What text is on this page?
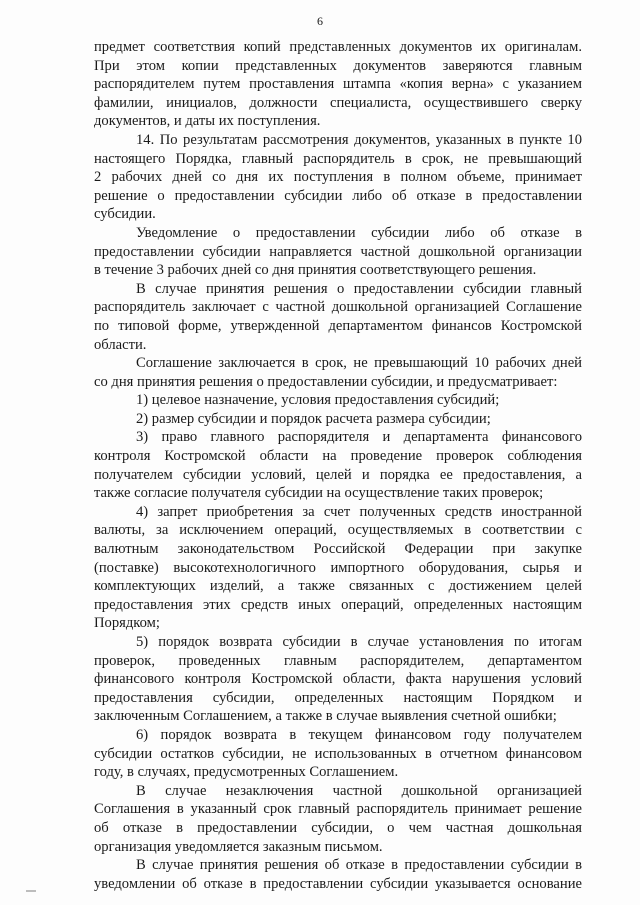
6
предмет соответствия копий представленных документов их оригиналам.
При этом копии представленных документов заверяются главным
распорядителем путем проставления штампа «копия верна» с указанием
фамилии, инициалов, должности специалиста, осуществившего сверку
документов, и даты их поступления.
14. По результатам рассмотрения документов, указанных в пункте 10
настоящего Порядка, главный распорядитель в срок, не превышающий
2 рабочих дней со дня их поступления в полном объеме, принимает
решение о предоставлении субсидии либо об отказе в предоставлении
субсидии.
Уведомление о предоставлении субсидии либо об отказе в
предоставлении субсидии направляется частной дошкольной организации
в течение 3 рабочих дней со дня принятия соответствующего решения.
В случае принятия решения о предоставлении субсидии главный
распорядитель заключает с частной дошкольной организацией Соглашение
по типовой форме, утвержденной департаментом финансов Костромской
области.
Соглашение заключается в срок, не превышающий 10 рабочих дней
со дня принятия решения о предоставлении субсидии, и предусматривает:
1) целевое назначение, условия предоставления субсидий;
2) размер субсидии и порядок расчета размера субсидии;
3) право главного распорядителя и департамента финансового
контроля Костромской области на проведение проверок соблюдения
получателем субсидии условий, целей и порядка ее предоставления, а
также согласие получателя субсидии на осуществление таких проверок;
4) запрет приобретения за счет полученных средств иностранной
валюты, за исключением операций, осуществляемых в соответствии с
валютным законодательством Российской Федерации при закупке
(поставке) высокотехнологичного импортного оборудования, сырья и
комплектующих изделий, а также связанных с достижением целей
предоставления этих средств иных операций, определенных настоящим
Порядком;
5) порядок возврата субсидии в случае установления по итогам
проверок, проведенных главным распорядителем, департаментом
финансового контроля Костромской области, факта нарушения условий
предоставления субсидии, определенных настоящим Порядком и
заключенным Соглашением, а также в случае выявления счетной ошибки;
6) порядок возврата в текущем финансовом году получателем
субсидии остатков субсидии, не использованных в отчетном финансовом
году, в случаях, предусмотренных Соглашением.
В случае незаключения частной дошкольной организацией
Соглашения в указанный срок главный распорядитель принимает решение
об отказе в предоставлении субсидии, о чем частная дошкольная
организация уведомляется заказным письмом.
В случае принятия решения об отказе в предоставлении субсидии в
уведомлении об отказе в предоставлении субсидии указывается основание
